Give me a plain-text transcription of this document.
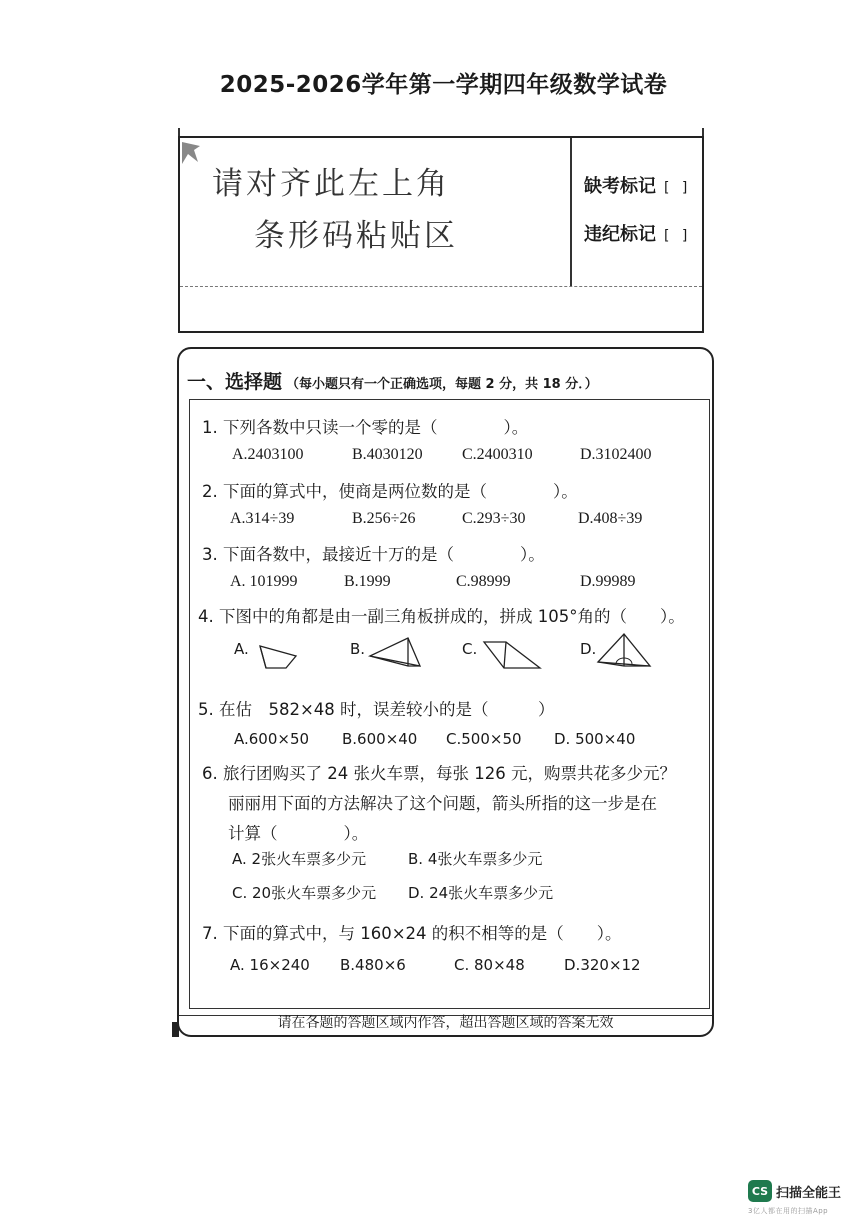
2025-2026学年第一学期四年级数学试卷
请对齐此左上角
条形码粘贴区
缺考标记 [ ]
违纪标记 [ ]
一、选择题 （每小题只有一个正确选项，每题 2 分，共 18 分．）
1. 下列各数中只读一个零的是（　　　　）。
A.2403100	B.4030120 C.2400310	D.3102400
2. 下面的算式中，使商是两位数的是（　　　　）。
A.314÷39	B.256÷26	C.293÷30	D.408÷39
3. 下面各数中，最接近十万的是（　　　　）。
A. 101999	B.1999	C.98999	D.99989
4. 下图中的角都是由一副三角板拼成的，拼成 105°角的（　　）。
A.	B.	C.	D.
5. 在估　582×48 时，误差较小的是（　　　）
A.600×50 B.600×40 C.500×50 D. 500×40
6. 旅行团购买了 24 张火车票，每张 126 元，购票共花多少元？
丽丽用下面的方法解决了这个问题，箭头所指的这一步是在
计算（　　　　）。
A. 2张火车票多少元	B. 4张火车票多少元
C. 20张火车票多少元 D. 24张火车票多少元
7. 下面的算式中，与 160×24 的积不相等的是（　　）。
A. 16×240 B.480×6	C. 80×48	D.320×12
请在各题的答题区域内作答，超出答题区域的答案无效
CS 扫描全能王
3亿人都在用的扫描App
